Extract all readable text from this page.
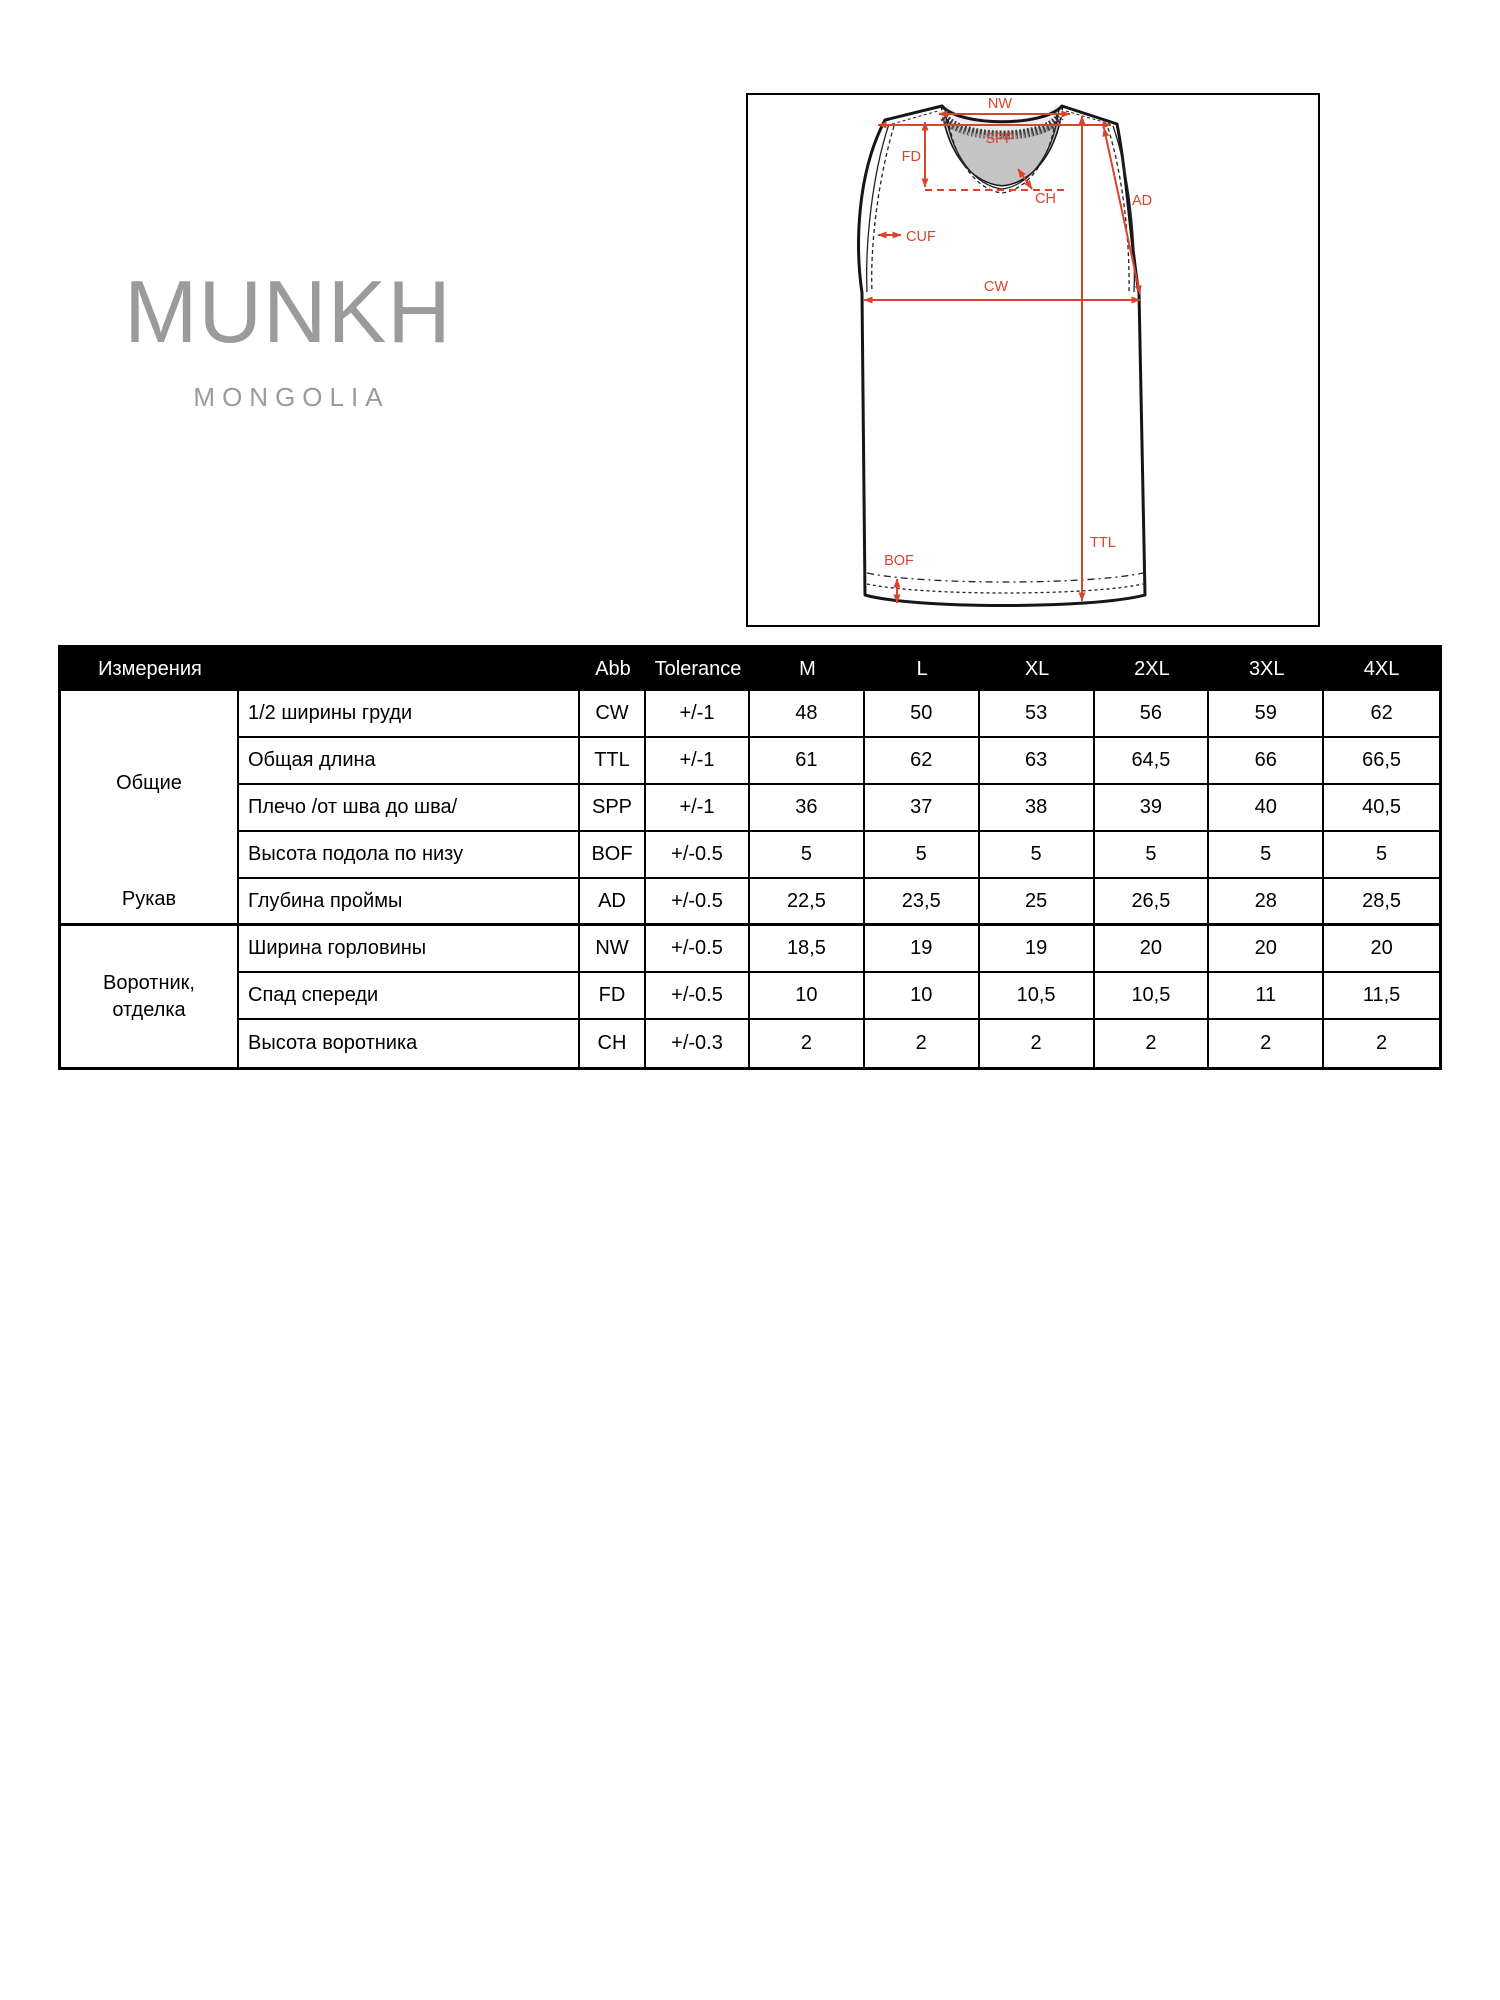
MUNKH
MONGOLIA
NW
SPP
FD
CH	AD
CUF
CW
TTL
BOF
Измерения	Abb	Tolerance	M	L	XL	2XL	3XL	4XL
Общие
Рукав
Воротник,
отделка
1/2 ширины груди	CW	+/-1	48	50	53	56	59	62
Общая длина	TTL	+/-1	61	62	63	64,5	66	66,5
Плечо /от шва до шва/	SPP	+/-1	36	37	38	39	40	40,5
Высота подола по низу	BOF	+/-0.5	5	5	5	5	5	5
Глубина проймы	AD	+/-0.5	22,5	23,5	25	26,5	28	28,5
Ширина горловины	NW	+/-0.5	18,5	19	19	20	20	20
Спад спереди	FD	+/-0.5	10	10	10,5	10,5	11	11,5
Высота воротника	CH	+/-0.3	2	2	2	2	2	2
